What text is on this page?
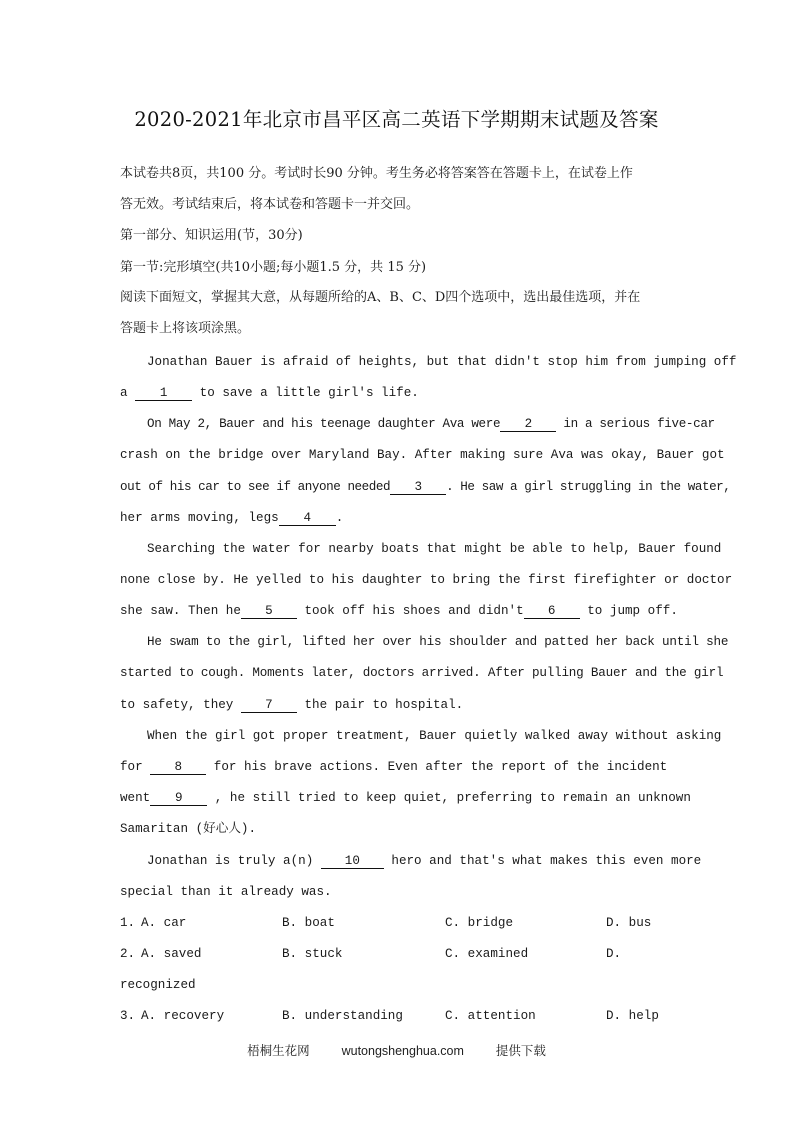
2020-2021年北京市昌平区高二英语下学期期末试题及答案
本试卷共8页，共100 分。考试时长90 分钟。考生务必将答案答在答题卡上，在试卷上作
答无效。考试结束后，将本试卷和答题卡一并交回。
第一部分、知识运用(节，30分)
第一节:完形填空(共10小题;每小题1.5 分，共 15 分)
阅读下面短文，掌握其大意，从每题所给的A、B、C、D四个选项中，选出最佳选项，并在
答题卡上将该项涂黑。
Jonathan Bauer is afraid of heights, but that didn't stop him from jumping off
a 1 to save a little girl's life.
On May 2, Bauer and his teenage daughter Ava were 2 in a serious five-car
crash on the bridge over Maryland Bay. After making sure Ava was okay, Bauer got
out of his car to see if anyone needed 3 . He saw a girl struggling in the water,
her arms moving, legs 4 .
Searching the water for nearby boats that might be able to help, Bauer found
none close by. He yelled to his daughter to bring the first firefighter or doctor
she saw. Then he 5 took off his shoes and didn't 6 to jump off.
He swam to the girl, lifted her over his shoulder and patted her back until she
started to cough. Moments later, doctors arrived. After pulling Bauer and the girl
to safety, they 7 the pair to hospital.
When the girl got proper treatment, Bauer quietly walked away without asking
for 8 for his brave actions. Even after the report of the incident
went 9 , he still tried to keep quiet, preferring to remain an unknown
Samaritan (好心人).
Jonathan is truly a(n) 10 hero and that's what makes this even more
special than it already was.
1. A. car	B. boat	C. bridge	D. bus
2. A. saved	B. stuck	C. examined	D.
recognized
3. A. recovery	B. understanding	C. attention	D. help
梧桐生花网	wutongshenghua.com	提供下载
